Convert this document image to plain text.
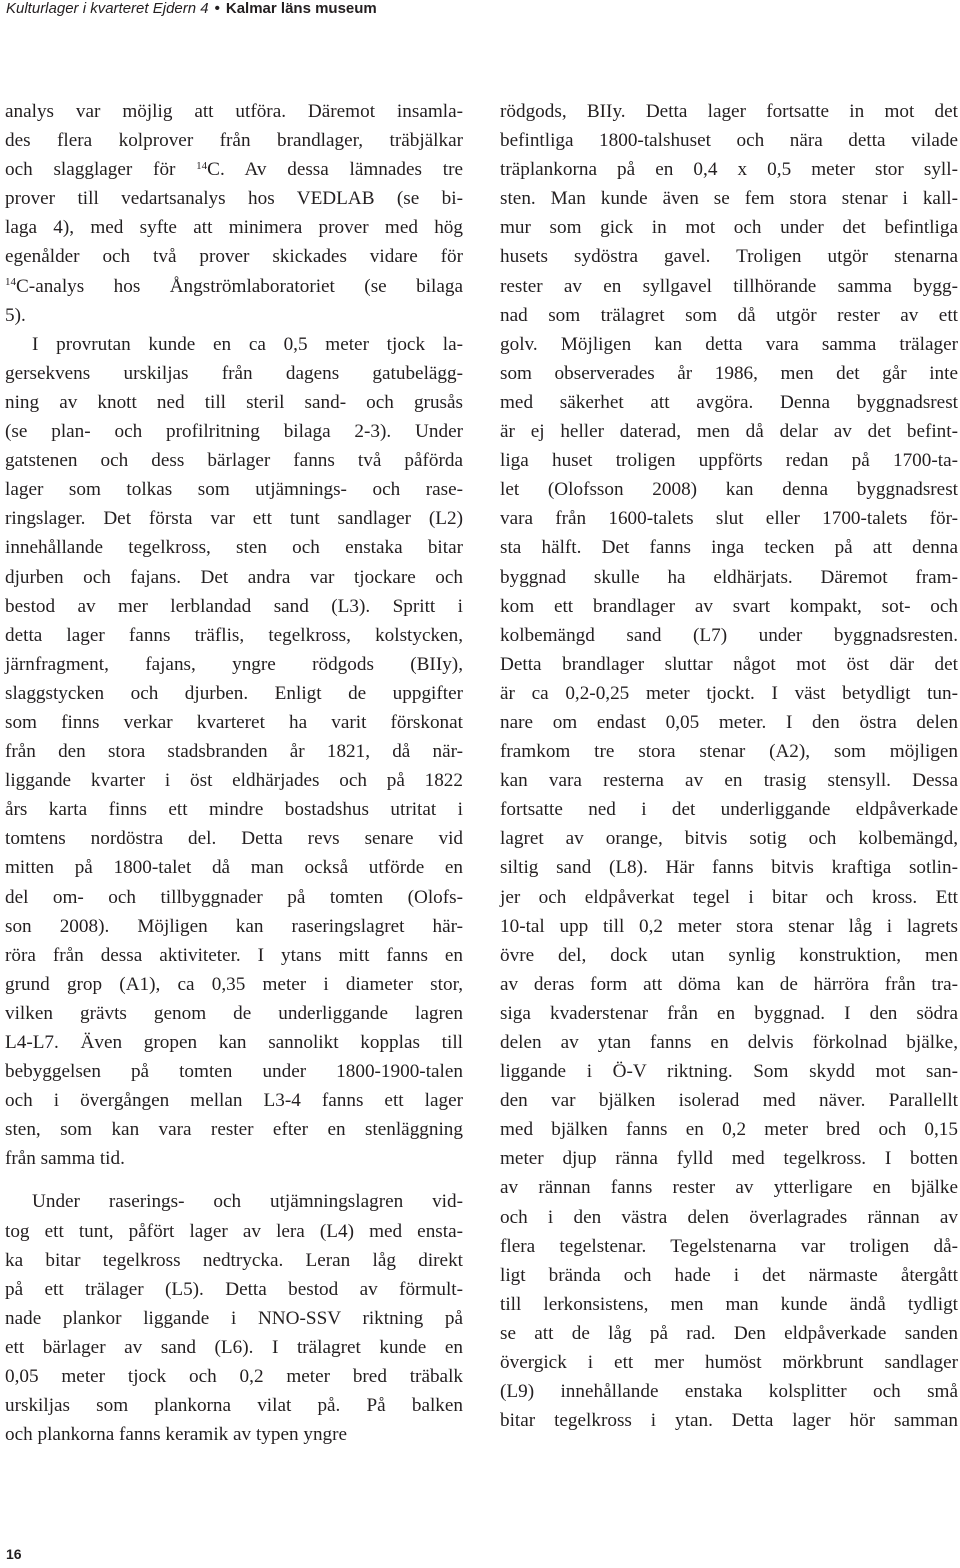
Kulturlager i kvarteret Ejdern 4 • Kalmar läns museum
analys var möjlig att utföra. Däremot insamla-
des flera kolprover från brandlager, träbjälkar
och slagglager för $^{14}$C. Av dessa lämnades tre
prover till vedartsanalys hos VEDLAB (se bi-
laga 4), med syfte att minimera prover med hög
egenålder och två prover skickades vidare för
$^{14}$C-analys hos Ångströmlaboratoriet (se bilaga
5).
I provrutan kunde en ca 0,5 meter tjock la-
gersekvens urskiljas från dagens gatubelägg-
ning av knott ned till steril sand- och grusås
(se plan- och profilritning bilaga 2-3). Under
gatstenen och dess bärlager fanns två påförda
lager som tolkas som utjämnings- och rase-
ringslager. Det första var ett tunt sandlager (L2)
innehållande tegelkross, sten och enstaka bitar
djurben och fajans. Det andra var tjockare och
bestod av mer lerblandad sand (L3). Spritt i
detta lager fanns träflis, tegelkross, kolstycken,
järnfragment, fajans, yngre rödgods (BIIy),
slaggstycken och djurben. Enligt de uppgifter
som finns verkar kvarteret ha varit förskonat
från den stora stadsbranden år 1821, då när-
liggande kvarter i öst eldhärjades och på 1822
års karta finns ett mindre bostadshus utritat i
tomtens nordöstra del. Detta revs senare vid
mitten på 1800-talet då man också utförde en
del om- och tillbyggnader på tomten (Olofs-
son 2008). Möjligen kan raseringslagret här-
röra från dessa aktiviteter. I ytans mitt fanns en
grund grop (A1), ca 0,35 meter i diameter stor,
vilken grävts genom de underliggande lagren
L4-L7. Även gropen kan sannolikt kopplas till
bebyggelsen på tomten under 1800-1900-talen
och i övergången mellan L3-4 fanns ett lager
sten, som kan vara rester efter en stenläggning
från samma tid.
Under raserings- och utjämningslagren vid-
tog ett tunt, påfört lager av lera (L4) med ensta-
ka bitar tegelkross nedtrycka. Leran låg direkt
på ett trälager (L5). Detta bestod av förmult-
nade plankor liggande i NNO-SSV riktning på
ett bärlager av sand (L6). I trälagret kunde en
0,05 meter tjock och 0,2 meter bred träbalk
urskiljas som plankorna vilat på. På balken
och plankorna fanns keramik av typen yngre
rödgods, BIIy. Detta lager fortsatte in mot det
befintliga 1800-talshuset och nära detta vilade
träplankorna på en 0,4 x 0,5 meter stor syll-
sten. Man kunde även se fem stora stenar i kall-
mur som gick in mot och under det befintliga
husets sydöstra gavel. Troligen utgör stenarna
rester av en syllgavel tillhörande samma bygg-
nad som trälagret som då utgör rester av ett
golv. Möjligen kan detta vara samma trälager
som observerades år 1986, men det går inte
med säkerhet att avgöra. Denna byggnadsrest
är ej heller daterad, men då delar av det befint-
liga huset troligen uppförts redan på 1700-ta-
let (Olofsson 2008) kan denna byggnadsrest
vara från 1600-talets slut eller 1700-talets för-
sta hälft. Det fanns inga tecken på att denna
byggnad skulle ha eldhärjats. Däremot fram-
kom ett brandlager av svart kompakt, sot- och
kolbemängd sand (L7) under byggnadsresten.
Detta brandlager sluttar något mot öst där det
är ca 0,2-0,25 meter tjockt. I väst betydligt tun-
nare om endast 0,05 meter. I den östra delen
framkom tre stora stenar (A2), som möjligen
kan vara resterna av en trasig stensyll. Dessa
fortsatte ned i det underliggande eldpåverkade
lagret av orange, bitvis sotig och kolbemängd,
siltig sand (L8). Här fanns bitvis kraftiga sotlin-
jer och eldpåverkat tegel i bitar och kross. Ett
10-tal upp till 0,2 meter stora stenar låg i lagrets
övre del, dock utan synlig konstruktion, men
av deras form att döma kan de härröra från tra-
siga kvaderstenar från en byggnad. I den södra
delen av ytan fanns en delvis förkolnad bjälke,
liggande i Ö-V riktning. Som skydd mot san-
den var bjälken isolerad med näver. Parallellt
med bjälken fanns en 0,2 meter bred och 0,15
meter djup ränna fylld med tegelkross. I botten
av rännan fanns rester av ytterligare en bjälke
och i den västra delen överlagrades rännan av
flera tegelstenar. Tegelstenarna var troligen då-
ligt brända och hade i det närmaste återgått
till lerkonsistens, men man kunde ändå tydligt
se att de låg på rad. Den eldpåverkade sanden
övergick i ett mer humöst mörkbrunt sandlager
(L9) innehållande enstaka kolsplitter och små
bitar tegelkross i ytan. Detta lager hör samman
16
